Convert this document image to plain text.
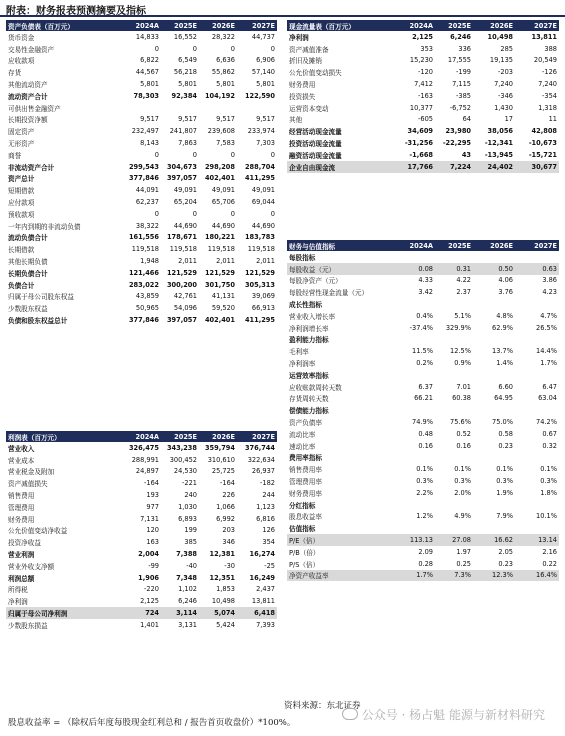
附表：财务报表预测摘要及指标
资产负债表（百万元）	2024A	2025E	2026E	2027E
货币资金	14,833	16,552	28,322	44,737
交易性金融资产	0	0	0	0
应收款项	6,822	6,549	6,636	6,906
存货	44,567	56,218	55,862	57,140
其他流动资产	5,801	5,801	5,801	5,801
流动资产合计	78,303	92,384	104,192	122,590
可供出售金融资产				
长期投资净额	9,517	9,517	9,517	9,517
固定资产	232,497	241,807	239,608	233,974
无形资产	8,143	7,863	7,583	7,303
商誉	0	0	0	0
非流动资产合计	299,543	304,673	298,208	288,704
资产总计	377,846	397,057	402,401	411,295
短期借款	44,091	49,091	49,091	49,091
应付款项	62,237	65,204	65,706	69,044
预收款项	0	0	0	0
一年内到期的非流动负债	38,322	44,690	44,690	44,690
流动负债合计	161,556	178,671	180,221	183,783
长期借款	119,518	119,518	119,518	119,518
其他长期负债	1,948	2,011	2,011	2,011
长期负债合计	121,466	121,529	121,529	121,529
负债合计	283,022	300,200	301,750	305,313
归属于母公司股东权益	43,859	42,761	41,131	39,069
少数股东权益	50,965	54,096	59,520	66,913
负债和股东权益总计	377,846	397,057	402,401	411,295
现金流量表（百万元）	2024A	2025E	2026E	2027E
净利润	2,125	6,246	10,498	13,811
资产减值准备	353	336	285	388
折旧及摊销	15,230	17,555	19,135	20,549
公允价值变动损失	-120	-199	-203	-126
财务费用	7,412	7,115	7,240	7,240
投资损失	-163	-385	-346	-354
运营资本变动	10,377	-6,752	1,430	1,318
其他	-605	64	17	11
经营活动现金流量	34,609	23,980	38,056	42,808
投资活动现金流量	-31,256	-22,295	-12,341	-10,673
融资活动现金流量	-1,668	43	-13,945	-15,721
企业自由现金流	17,766	7,224	24,402	30,677
财务与估值指标	2024A	2025E	2026E	2027E
每股指标				
每股收益（元）	0.08	0.31	0.50	0.63
每股净资产（元）	4.33	4.22	4.06	3.86
每股经营性现金流量（元）	3.42	2.37	3.76	4.23
成长性指标				
营业收入增长率	0.4%	5.1%	4.8%	4.7%
净利润增长率	-37.4%	329.9%	62.9%	26.5%
盈利能力指标				
毛利率	11.5%	12.5%	13.7%	14.4%
净利润率	0.2%	0.9%	1.4%	1.7%
运营效率指标				
应收账款周转天数	6.37	7.01	6.60	6.47
存货周转天数	66.21	60.38	64.95	63.04
偿债能力指标				
资产负债率	74.9%	75.6%	75.0%	74.2%
流动比率	0.48	0.52	0.58	0.67
速动比率	0.16	0.16	0.23	0.32
费用率指标				
销售费用率	0.1%	0.1%	0.1%	0.1%
管理费用率	0.3%	0.3%	0.3%	0.3%
财务费用率	2.2%	2.0%	1.9%	1.8%
分红指标				
股息收益率	1.2%	4.9%	7.9%	10.1%
估值指标				
P/E（倍）	113.13	27.08	16.62	13.14
P/B（倍）	2.09	1.97	2.05	2.16
P/S（倍）	0.28	0.25	0.23	0.22
净资产收益率	1.7%	7.3%	12.3%	16.4%
利润表（百万元）	2024A	2025E	2026E	2027E
营业收入	326,475	343,238	359,794	376,744
营业成本	288,991	300,452	310,610	322,634
营业税金及附加	24,897	24,530	25,725	26,937
资产减值损失	-164	-221	-164	-182
销售费用	193	240	226	244
管理费用	977	1,030	1,066	1,123
财务费用	7,131	6,893	6,992	6,816
公允价值变动净收益	120	199	203	126
投资净收益	163	385	346	354
营业利润	2,004	7,388	12,381	16,274
营业外收支净额	-99	-40	-30	-25
利润总额	1,906	7,348	12,351	16,249
所得税	-220	1,102	1,853	2,437
净利润	2,125	6,246	10,498	13,811
归属于母公司净利润	724	3,114	5,074	6,418
少数股东损益	1,401	3,131	5,424	7,393
资料来源：东北证券
股息收益率 = （除权后年度每股现金红利总和 / 报告首页收盘价）*100%。
公众号 · 杨占魁 能源与新材料研究
